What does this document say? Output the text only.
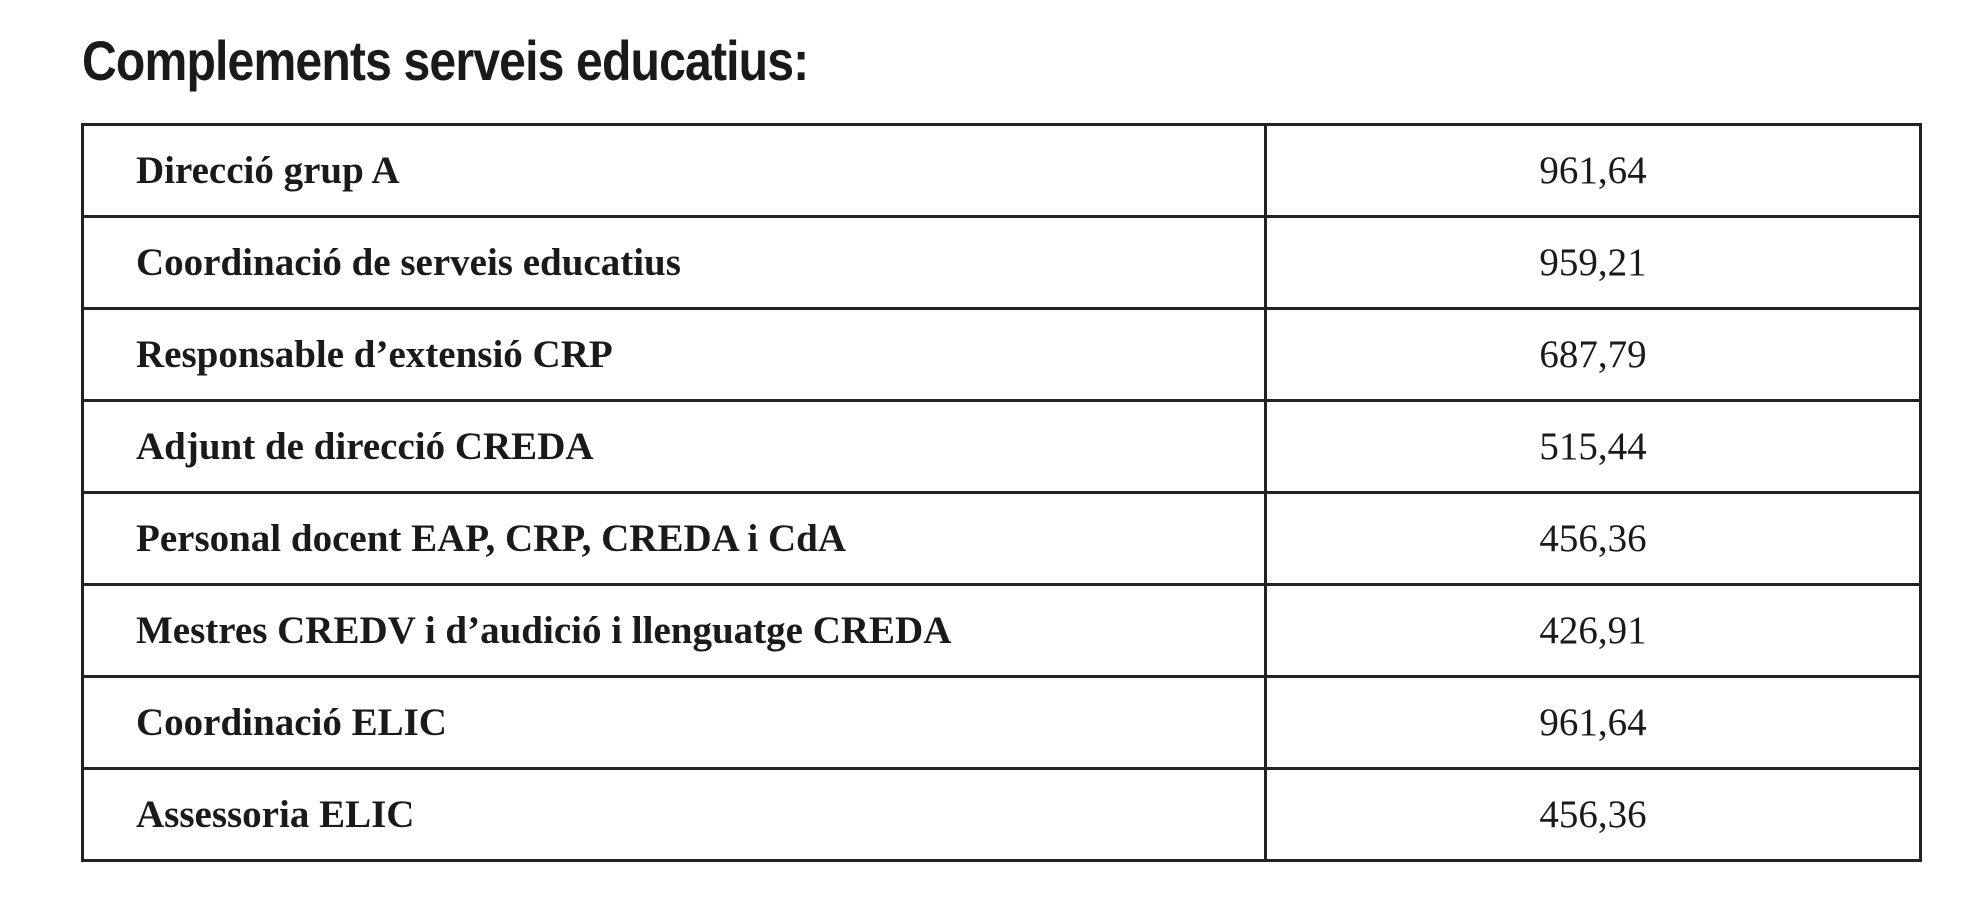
Complements serveis educatius:
Direcció grup A	961,64
Coordinació de serveis educatius	959,21
Responsable d’extensió CRP	687,79
Adjunt de direcció CREDA	515,44
Personal docent EAP, CRP, CREDA i CdA	456,36
Mestres CREDV i d’audició i llenguatge CREDA	426,91
Coordinació ELIC	961,64
Assessoria ELIC	456,36
